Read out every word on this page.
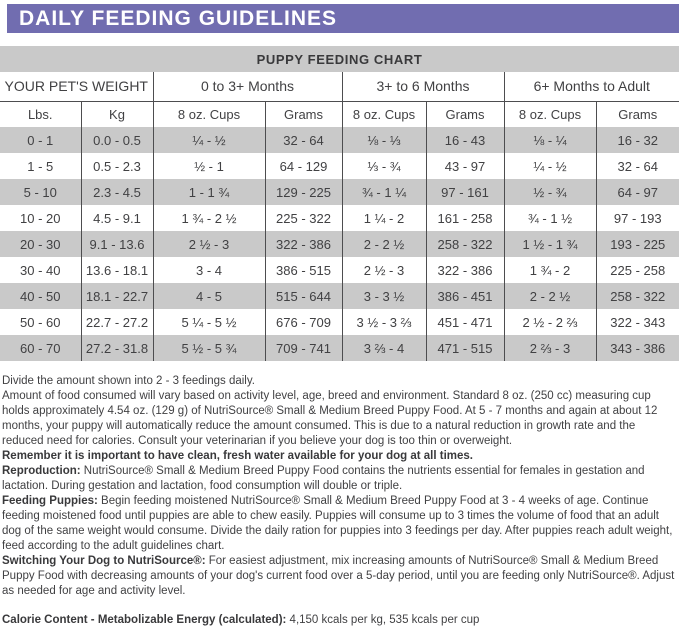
DAILY FEEDING GUIDELINES
PUPPY FEEDING CHART							
YOUR PET'S WEIGHT		0 to 3+ Months		3+ to 6 Months		6+ Months to Adult	
Lbs.	Kg	8 oz. Cups	Grams	8 oz. Cups	Grams	8 oz. Cups	Grams
0 - 1	0.0 - 0.5	¼ - ½	32 - 64	⅛ - ⅓	16 - 43	⅛ - ¼	16 - 32
1 - 5	0.5 - 2.3	½ - 1	64 - 129	⅓ - ¾	43 - 97	¼ - ½	32 - 64
5 - 10	2.3 - 4.5	1 - 1 ¾	129 - 225	¾ - 1 ¼	97 - 161	½ - ¾	64 - 97
10 - 20	4.5 - 9.1	1 ¾ - 2 ½	225 - 322	1 ¼ - 2	161 - 258	¾ - 1 ½	97 - 193
20 - 30	9.1 - 13.6	2 ½ - 3	322 - 386	2 - 2 ½	258 - 322	1 ½ - 1 ¾	193 - 225
30 - 40	13.6 - 18.1	3 - 4	386 - 515	2 ½ - 3	322 - 386	1 ¾ - 2	225 - 258
40 - 50	18.1 - 22.7	4 - 5	515 - 644	3 - 3 ½	386 - 451	2 - 2 ½	258 - 322
50 - 60	22.7 - 27.2	5 ¼ - 5 ½	676 - 709	3 ½ - 3 ⅔	451 - 471	2 ½ - 2 ⅔	322 - 343
60 - 70	27.2 - 31.8	5 ½ - 5 ¾	709 - 741	3 ⅔ - 4	471 - 515	2 ⅔ - 3	343 - 386

Divide the amount shown into 2 - 3 feedings daily.

Amount of food consumed will vary based on activity level, age, breed and environment. Standard 8 oz. (250 cc) measuring cup holds approximately 4.54 oz. (129 g) of NutriSource® Small & Medium Breed Puppy Food. At 5 - 7 months and again at about 12 months, your puppy will automatically reduce the amount consumed. This is due to a natural reduction in growth rate and the reduced need for calories. Consult your veterinarian if you believe your dog is too thin or overweight.

Remember it is important to have clean, fresh water available for your dog at all times.

Reproduction: NutriSource® Small & Medium Breed Puppy Food contains the nutrients essential for females in gestation and lactation. During gestation and lactation, food consumption will double or triple.

Feeding Puppies: Begin feeding moistened NutriSource® Small & Medium Breed Puppy Food at 3 - 4 weeks of age. Continue feeding moistened food until puppies are able to chew easily. Puppies will consume up to 3 times the volume of food that an adult dog of the same weight would consume. Divide the daily ration for puppies into 3 feedings per day. After puppies reach adult weight, feed according to the adult guidelines chart.

Switching Your Dog to NutriSource®: For easiest adjustment, mix increasing amounts of NutriSource® Small & Medium Breed Puppy Food with decreasing amounts of your dog's current food over a 5-day period, until you are feeding only NutriSource®. Adjust as needed for age and activity level.

Calorie Content - Metabolizable Energy (calculated): 4,150 kcals per kg, 535 kcals per cup
